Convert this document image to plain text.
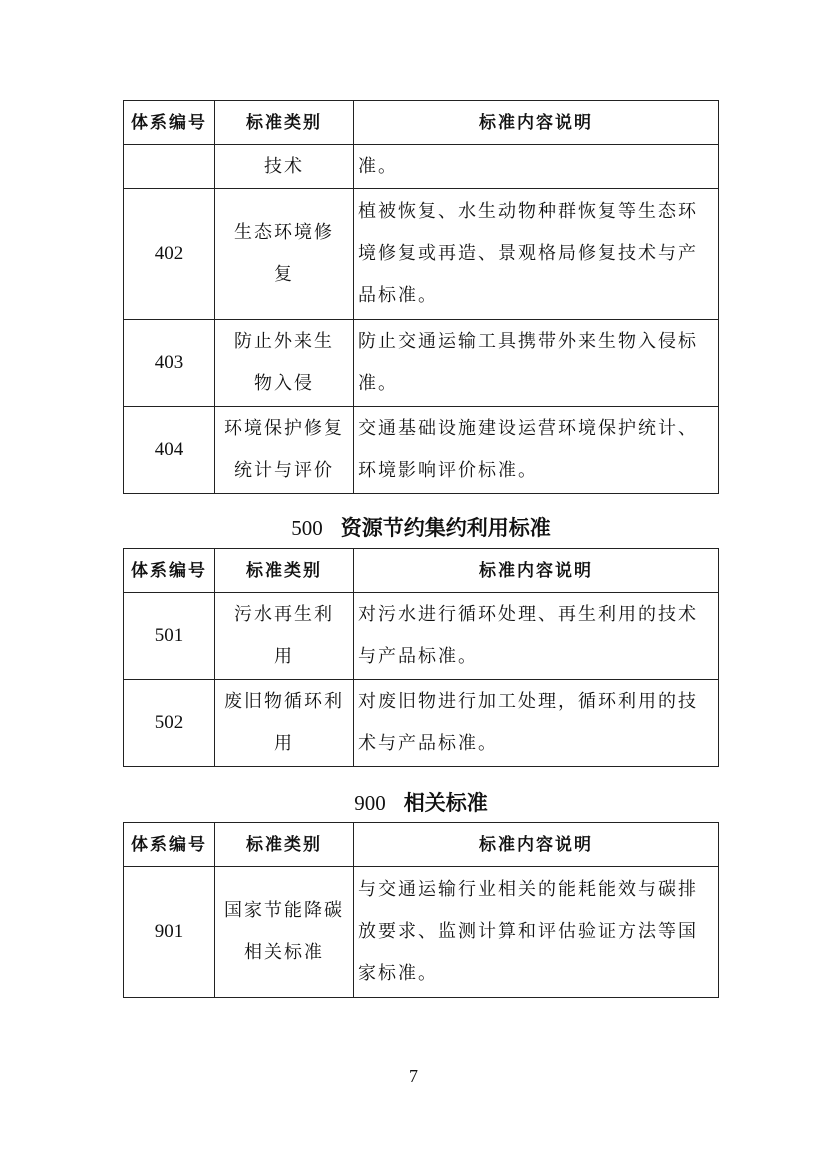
体系编号	标准类别	标准内容说明
	技术	准。
402	生态环境修复	植被恢复、水生动物种群恢复等生态环境修复或再造、景观格局修复技术与产品标准。
403	防止外来生物入侵	防止交通运输工具携带外来生物入侵标准。
404	环境保护修复统计与评价	交通基础设施建设运营环境保护统计、环境影响评价标准。
500 资源节约集约利用标准
体系编号	标准类别	标准内容说明
501	污水再生利用	对污水进行循环处理、再生利用的技术与产品标准。
502	废旧物循环利用	对废旧物进行加工处理，循环利用的技术与产品标准。
900 相关标准
体系编号	标准类别	标准内容说明
901	国家节能降碳相关标准	与交通运输行业相关的能耗能效与碳排放要求、监测计算和评估验证方法等国家标准。
7
